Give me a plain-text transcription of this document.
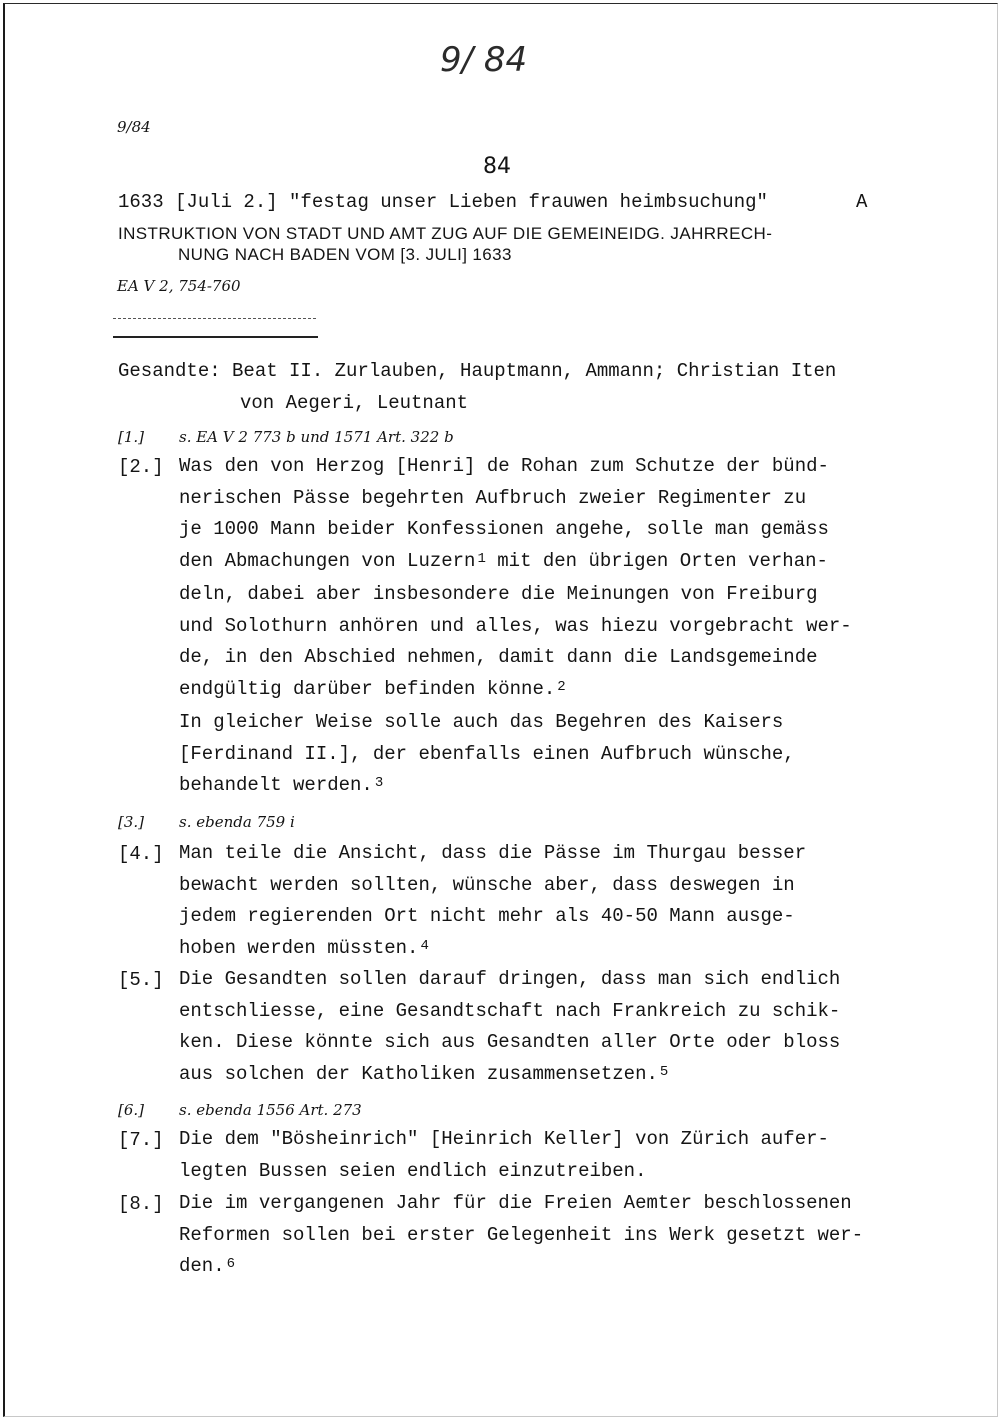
9/ 84
9/84
84
1633 [Juli 2.] "festag unser Lieben frauwen heimbsuchung"	A
INSTRUKTION VON STADT UND AMT ZUG AUF DIE GEMEINEIDG. JAHRRECH-
NUNG NACH BADEN VOM [3. JULI] 1633
EA V 2, 754-760
Gesandte: Beat II. Zurlauben, Hauptmann, Ammann; Christian Iten
von Aegeri, Leutnant
[1.] s. EA V 2 773 b und 1571 Art. 322 b
[2.] Was den von Herzog [Henri] de Rohan zum Schutze der bünd-
nerischen Pässe begehrten Aufbruch zweier Regimenter zu
je 1000 Mann beider Konfessionen angehe, solle man gemäss
den Abmachungen von Luzern $^1$ mit den übrigen Orten verhan-
deln, dabei aber insbesondere die Meinungen von Freiburg
und Solothurn anhören und alles, was hiezu vorgebracht wer-
de, in den Abschied nehmen, damit dann die Landsgemeinde
endgültig darüber befinden könne. $^2$
In gleicher Weise solle auch das Begehren des Kaisers
[Ferdinand II.], der ebenfalls einen Aufbruch wünsche,
behandelt werden. $^3$
[3.] s. ebenda 759 i
[4.] Man teile die Ansicht, dass die Pässe im Thurgau besser
bewacht werden sollten, wünsche aber, dass deswegen in
jedem regierenden Ort nicht mehr als 40-50 Mann ausge-
hoben werden müssten. $^4$
[5.] Die Gesandten sollen darauf dringen, dass man sich endlich
entschliesse, eine Gesandtschaft nach Frankreich zu schik-
ken. Diese könnte sich aus Gesandten aller Orte oder bloss
aus solchen der Katholiken zusammensetzen. $^5$
[6.] s. ebenda 1556 Art. 273
[7.] Die dem "Bösheinrich" [Heinrich Keller] von Zürich aufer-
legten Bussen seien endlich einzutreiben.
[8.] Die im vergangenen Jahr für die Freien Aemter beschlossenen
Reformen sollen bei erster Gelegenheit ins Werk gesetzt wer-
den. $^6$
